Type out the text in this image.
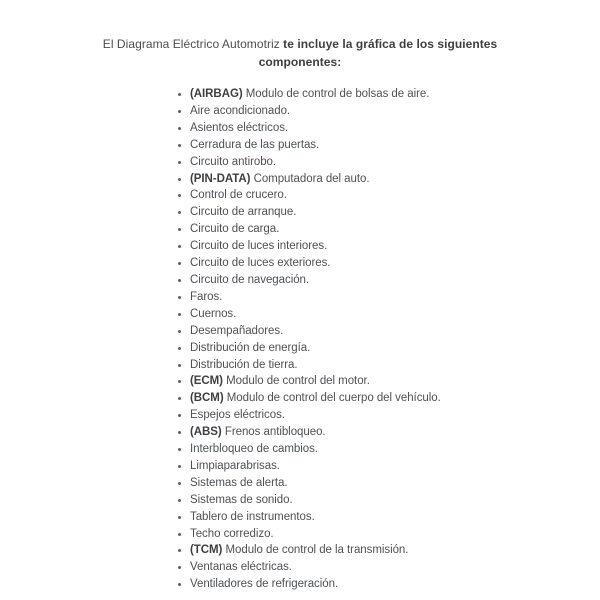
El Diagrama Eléctrico Automotriz te incluye la gráfica de los siguientes
componentes:
• (AIRBAG) Modulo de control de bolsas de aire.
• Aire acondicionado.
• Asientos eléctricos.
• Cerradura de las puertas.
• Circuito antirobo.
• (PIN-DATA) Computadora del auto.
• Control de crucero.
• Circuito de arranque.
• Circuito de carga.
• Circuito de luces interiores.
• Circuito de luces exteriores.
• Circuito de navegación.
• Faros.
• Cuernos.
• Desempañadores.
• Distribución de energía.
• Distribución de tierra.
• (ECM) Modulo de control del motor.
• (BCM) Modulo de control del cuerpo del vehículo.
• Espejos eléctricos.
• (ABS) Frenos antibloqueo.
• Interbloqueo de cambios.
• Limpiaparabrisas.
• Sistemas de alerta.
• Sistemas de sonido.
• Tablero de instrumentos.
• Techo corredizo.
• (TCM) Modulo de control de la transmisión.
• Ventanas eléctricas.
• Ventiladores de refrigeración.
